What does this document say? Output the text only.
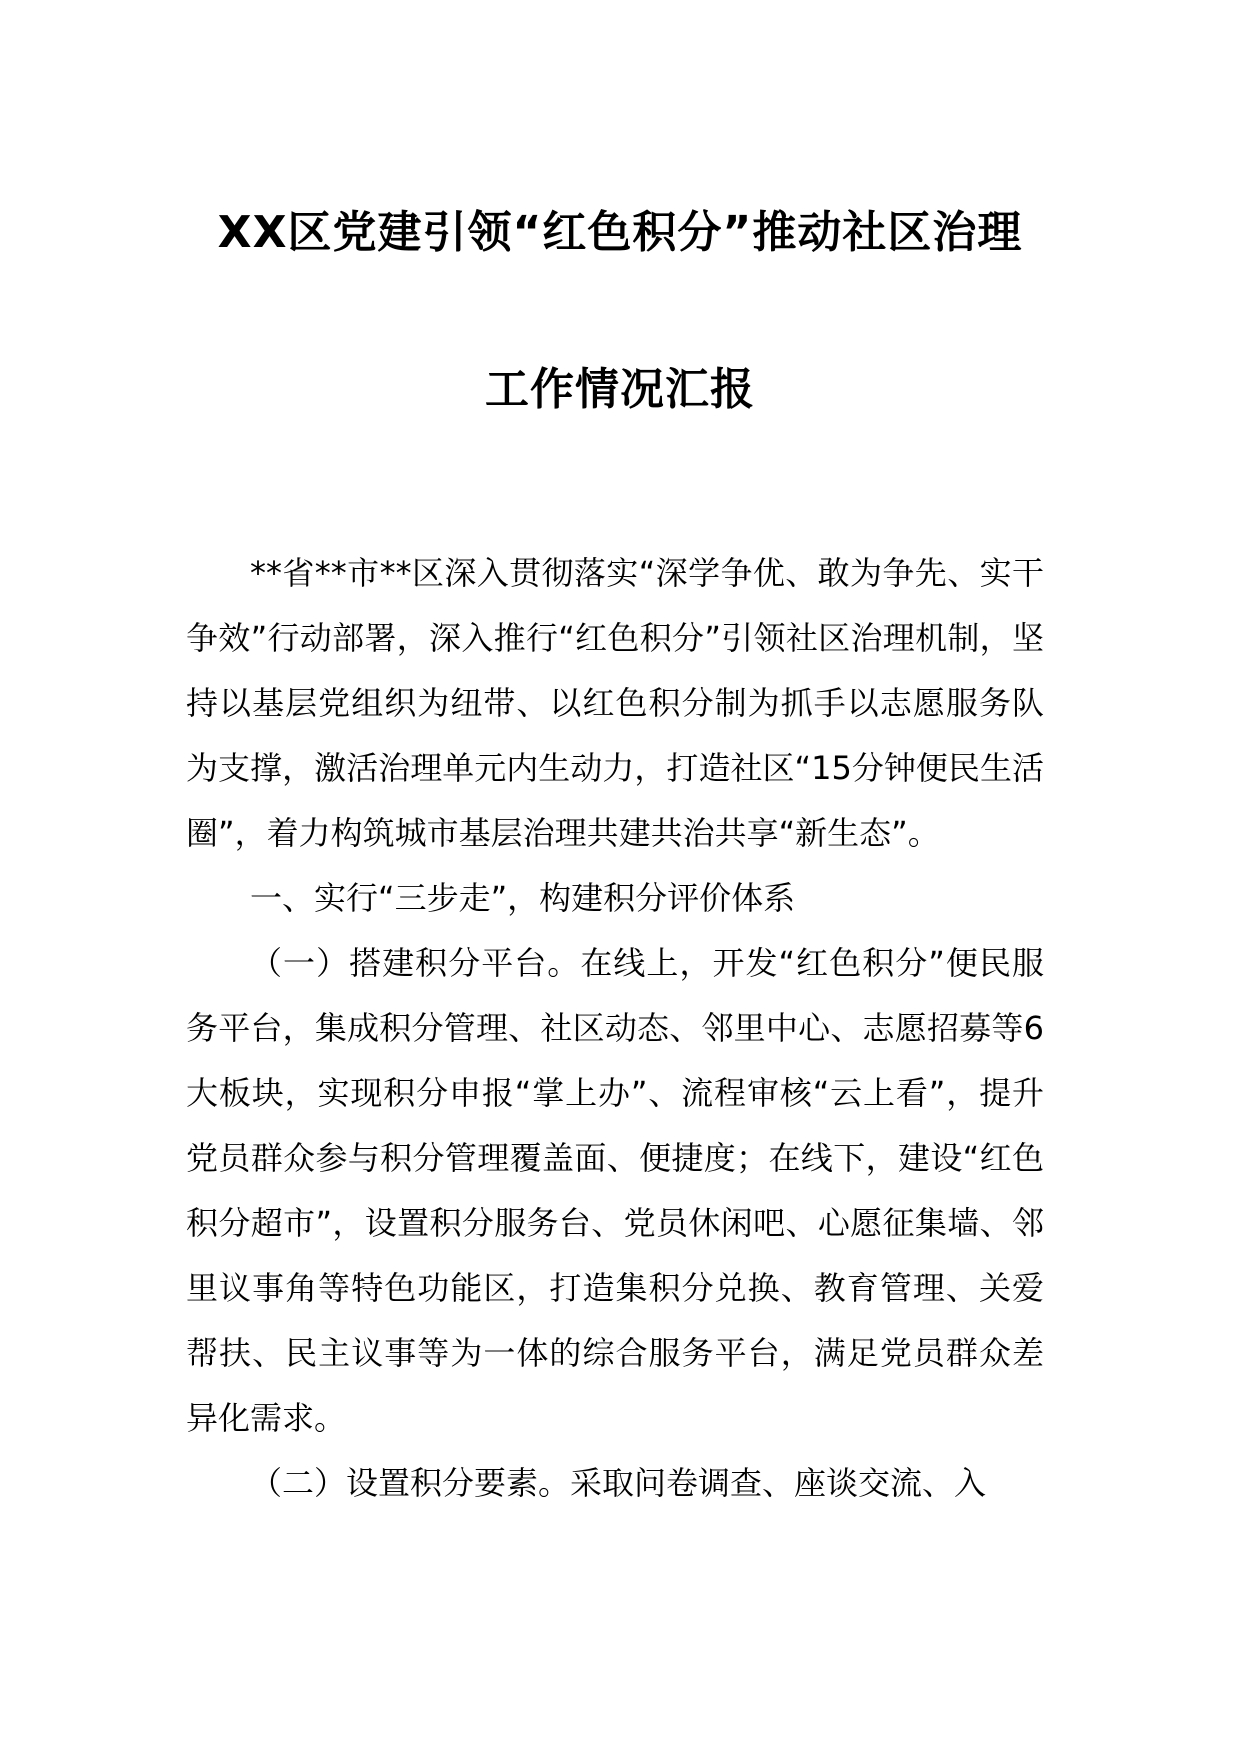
XX区党建引领“红色积分”推动社区治理
工作情况汇报

**省**市**区深入贯彻落实“深学争优、敢为争先、实干争效”行动部署，深入推行“红色积分”引领社区治理机制，坚持以基层党组织为纽带、以红色积分制为抓手以志愿服务队为支撑，激活治理单元内生动力，打造社区“15分钟便民生活圈”，着力构筑城市基层治理共建共治共享“新生态”。

一、实行“三步走”，构建积分评价体系

（一）搭建积分平台。在线上，开发“红色积分”便民服务平台，集成积分管理、社区动态、邻里中心、志愿招募等6大板块，实现积分申报“掌上办”、流程审核“云上看”，提升党员群众参与积分管理覆盖面、便捷度；在线下，建设“红色积分超市”，设置积分服务台、党员休闲吧、心愿征集墙、邻里议事角等特色功能区，打造集积分兑换、教育管理、关爱帮扶、民主议事等为一体的综合服务平台，满足党员群众差异化需求。

（二）设置积分要素。采取问卷调查、座谈交流、入
